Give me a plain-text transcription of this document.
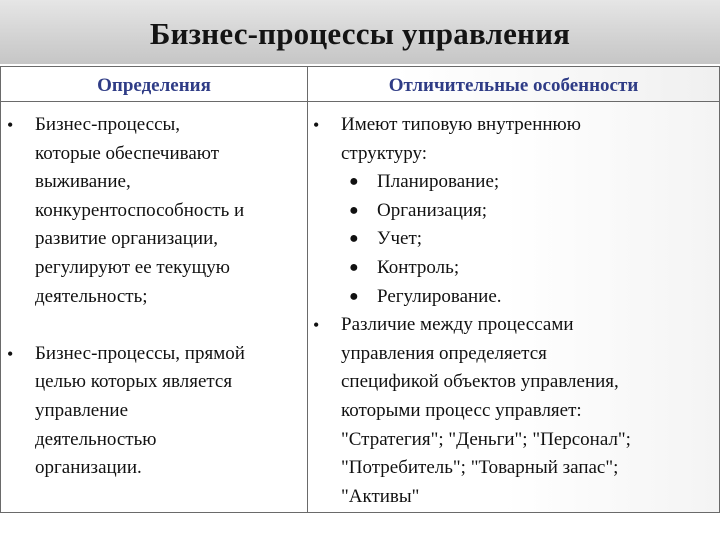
Бизнес-процессы управления
Определения	Отличительные особенности
• Бизнес-процессы,
которые обеспечивают
выживание,
конкурентоспособность и
развитие организации,
регулируют ее текущую
деятельность;
• Бизнес-процессы, прямой
целью которых является
управление
деятельностью
организации.
• Имеют типовую внутреннюю
структуру:
● Планирование;
● Организация;
● Учет;
● Контроль;
● Регулирование.
• Различие между процессами
управления определяется
спецификой объектов управления,
которыми процесс управляет:
"Стратегия"; "Деньги"; "Персонал";
"Потребитель"; "Товарный запас";
"Активы"
